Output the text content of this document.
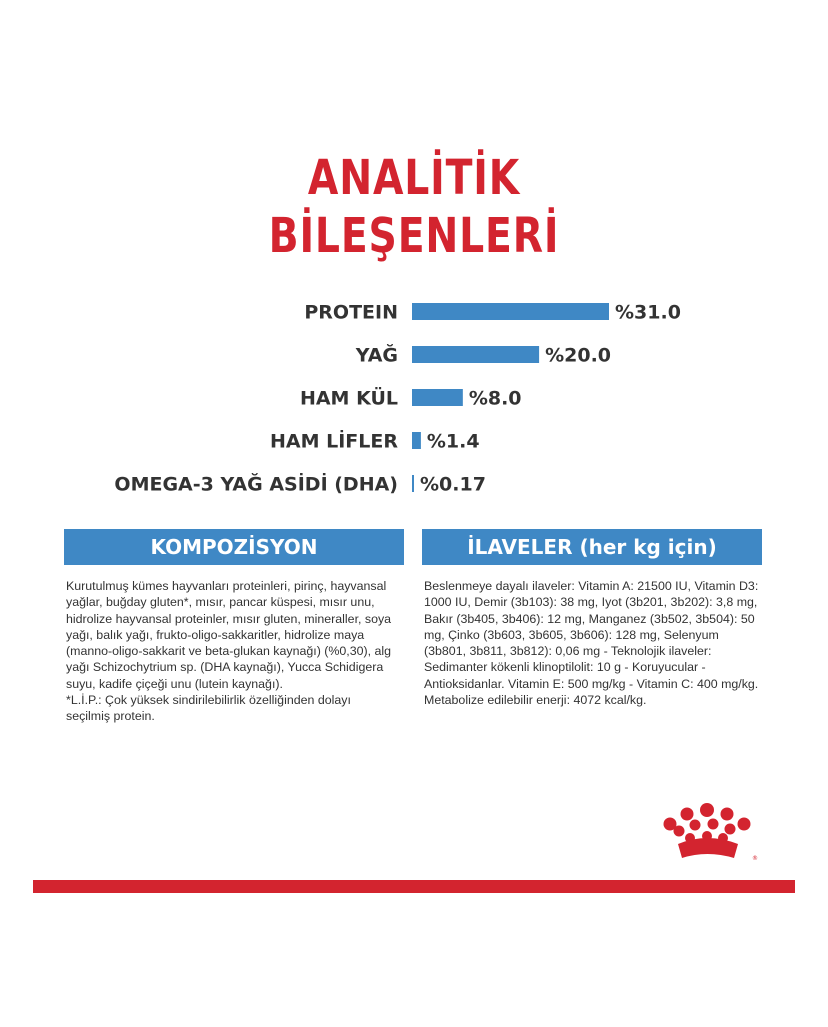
ANALİTİK
BİLEŞENLERİ
PROTEIN	%31.0
YAĞ	%20.0
HAM KÜL	%8.0
HAM LİFLER %1.4
OMEGA-3 YAĞ ASİDİ (DHA) %0.17
KOMPOZİSYON	İLAVELER (her kg için)
Kurutulmuş kümes hayvanları proteinleri, pirinç, hayvansal yağlar, buğday gluten*, mısır, pancar küspesi, mısır unu, hidrolize hayvansal proteinler, mısır gluten, mineraller, soya yağı, balık yağı, frukto-oligo-sakkaritler, hidrolize maya (manno-oligo-sakkarit ve beta-glukan kaynağı) (%0,30), alg yağı Schizochytrium sp. (DHA kaynağı), Yucca Schidigera suyu, kadife çiçeği unu (lutein kaynağı).
*L.İ.P.: Çok yüksek sindirilebilirlik özelliğinden dolayı seçilmiş protein.
Beslenmeye dayalı ilaveler: Vitamin A: 21500 IU, Vitamin D3: 1000 IU, Demir (3b103): 38 mg, Iyot (3b201, 3b202): 3,8 mg, Bakır (3b405, 3b406): 12 mg, Manganez (3b502, 3b504): 50 mg, Çinko (3b603, 3b605, 3b606): 128 mg, Selenyum (3b801, 3b811, 3b812): 0,06 mg - Teknolojik ilaveler: Sedimanter kökenli klinoptilolit: 10 g - Koruyucular - Antioksidanlar. Vitamin E: 500 mg/kg - Vitamin C: 400 mg/kg. Metabolize edilebilir enerji: 4072 kcal/kg.
®
